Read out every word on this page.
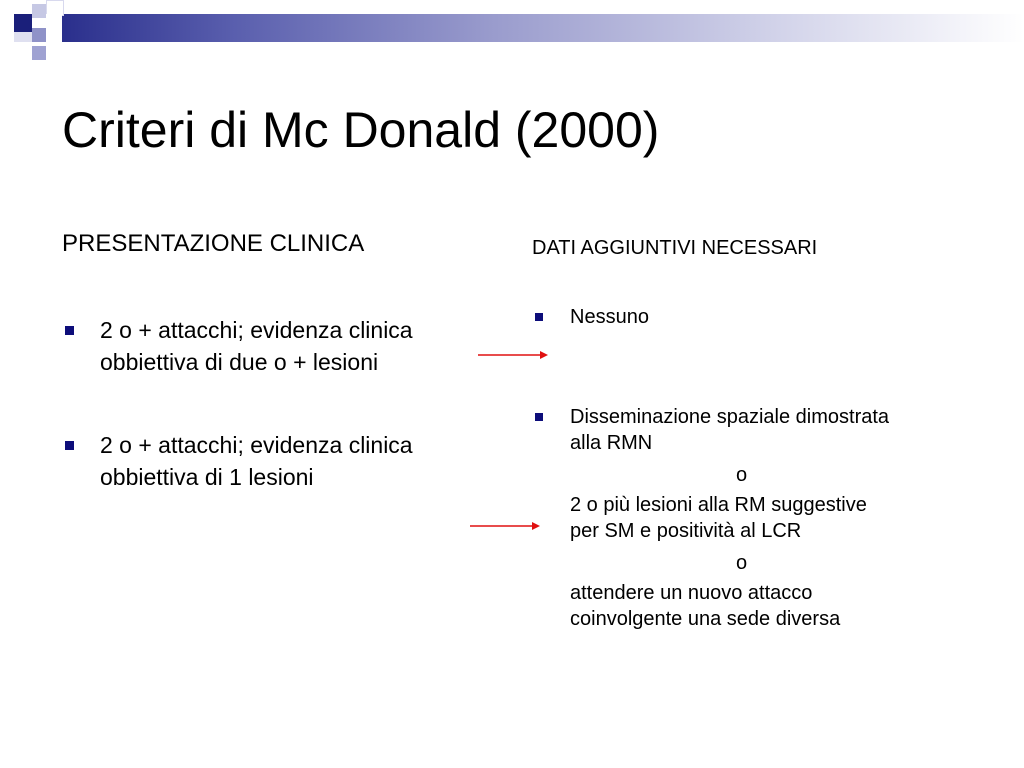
Criteri di Mc Donald (2000)

PRESENTAZIONE CLINICA

2 o + attacchi; evidenza clinica
obbiettiva di due o + lesioni
2 o + attacchi; evidenza clinica
obbiettiva di 1 lesioni

DATI AGGIUNTIVI NECESSARI

Nessuno
Disseminazione spaziale dimostrata
alla RMN
o
2 o più lesioni alla RM suggestive
per SM e positività al LCR
o
attendere un nuovo attacco
coinvolgente una sede diversa
